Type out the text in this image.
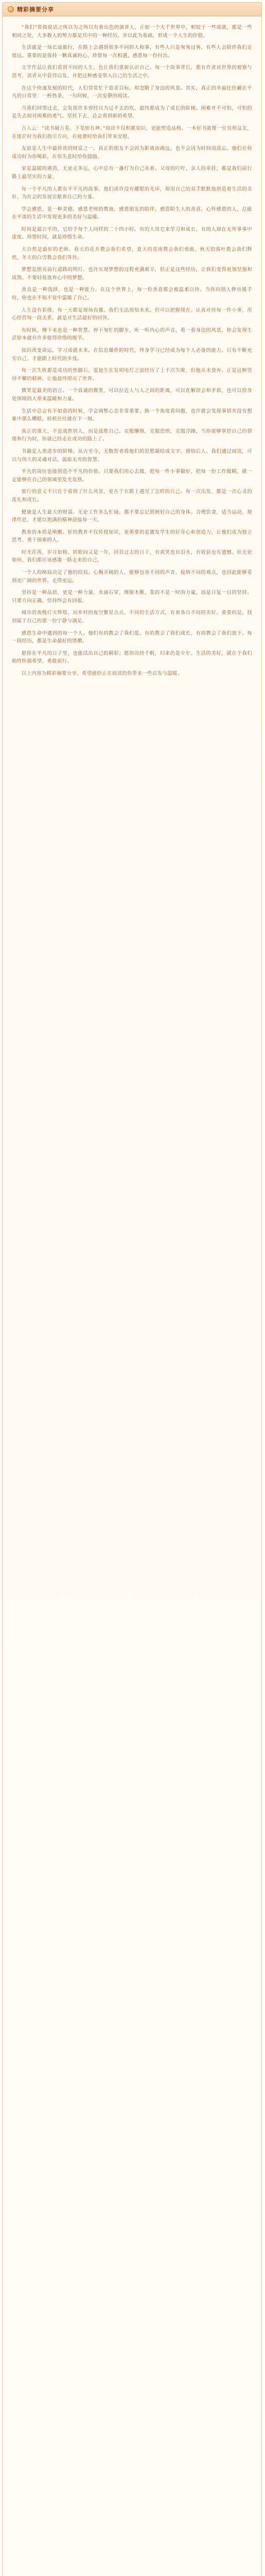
精彩摘要分享

“我们”常指说话之所以为之所以有着出色的演讲人，正如一个大千世界中，相较于一些成就，都是一些相同之处，大多数人的努力都是其中的一种经历，并以此为基础，形成一个人生的价值。

生活就是一场长途旅行，在路上会遇到很多不同的人和事，有些人只是匆匆过客，有些人会陪伴我们走很远。重要的是保持一颗真诚的心，珍惜每一次相遇，感恩每一份付出。

文学作品让我们看到不同的人生，也让我们重新认识自己。每一个故事背后，都有作者对世界的观察与思考，读者从中获得启发，并把这种感受带入自己的生活之中。

在这个快速发展的时代，人们常常忙于追求目标，却忽略了身边的风景。其实，真正的幸福往往藏在平凡的日常里：一杯热茶，一句问候，一次安静的阅读。

当我们回望过去，会发现许多曾经以为过不去的坎，最终都成为了成长的阶梯。困难并不可怕，可怕的是失去面对困难的勇气。坚持下去，总会看到新的希望。

古人云：“读书破万卷，下笔如有神。”阅读不仅积累知识，更能塑造品格。一本好书就像一位良师益友，在迷茫时为我们指引方向，在疲惫时给我们带来安慰。

友谊是人生中最珍贵的财富之一。真正的朋友不会因为距离而疏远，也不会因为时间而淡忘。他们在你成功时为你喝彩，在你失意时给你鼓励。

家是温暖的港湾，无论走多远，心中总有一盏灯为自己亮着。父母的叮咛，亲人的牵挂，都是我们前行路上最坚实的力量。

每一个平凡的人都有不平凡的故事。他们或许没有耀眼的光环，却用自己的双手默默地创造着生活的美好，为社会的发展贡献着自己的力量。

学会感恩，是一种美德。感恩老师的教诲，感恩朋友的陪伴，感恩陌生人的善意。心怀感恩的人，总能在平淡的生活中发现更多的美好与温暖。

时间是最公平的，它给予每个人同样的二十四小时。有的人用它来学习和成长，有的人却在无所事事中虚度。珍惜时间，就是珍惜生命。

大自然是最好的老师。春天的花开教会我们希望，夏天的雷雨教会我们勇敢，秋天的落叶教会我们释然，冬天的白雪教会我们等待。

梦想是照亮前行道路的明灯。也许实现梦想的过程充满艰辛，但正是这些经历，让我们变得更加坚强和成熟。不要轻易放弃心中的梦想。

善良是一种选择，也是一种能力。在这个世界上，每一份善意都会被温柔以待。当你向别人伸出援手时，你也在不知不觉中温暖了自己。

人生没有彩排，每一天都是现场直播。我们无法预知未来，但可以把握现在。认真对待每一件小事，用心经营每一段关系，就是对生活最好的回答。

有时候，慢下来也是一种智慧。停下匆忙的脚步，听一听内心的声音，看一看身边的风景，你会发现生活原本就有许多值得珍惜的细节。

知识改变命运，学习成就未来。在信息爆炸的时代，终身学习已经成为每个人必备的能力。只有不断充实自己，才能跟上时代的步伐。

每一次失败都是成功的垫脚石。爱迪生在发明电灯之前经历了上千次失败，但他从未放弃。正是这种坚持不懈的精神，让他最终照亮了世界。

微笑是最美的语言。一个真诚的微笑，可以拉近人与人之间的距离，可以化解误会和矛盾，也可以给身处困境的人带来温暖和力量。

生活中总会有不如意的时候，学会调整心态非常重要。换一个角度看问题，也许就会发现事情并没有想象中那么糟糕，转机往往就在下一刻。

真正的强大，不是战胜别人，而是战胜自己。克服懒惰，克服恐惧，克服浮躁，当你能够掌控自己的情绪和行为时，你就已经走在成功的路上了。

书籍是人类进步的阶梯。从古至今，无数智者将他们的思想凝结成文字，留给后人。我们通过阅读，可以与伟大的灵魂对话，汲取无穷的智慧。

平凡的岗位也能创造不平凡的价值。只要我们用心去做，把每一件小事做好，把每一份工作做精，就一定能够在自己的领域里发光发热。

旅行的意义不只在于看到了什么风景，更在于在路上遇见了怎样的自己。每一次出发，都是一次心灵的洗礼和成长。

健康是人生最大的财富。无论工作多么忙碌，都不要忘记照顾好自己的身体。合理饮食，适当运动，规律作息，才能以饱满的精神迎接每一天。

教育的本质是唤醒。好的教育不仅传授知识，更重要的是激发学生的好奇心和创造力，让他们成为独立思考、勇于探索的人。

时光荏苒，岁月如梭。转眼间又是一年，回首过去的日子，有欢笑也有泪水，有收获也有遗憾。但无论如何，我们都应该感谢一路走来的自己。

一个人的格局决定了他的结局。心胸开阔的人，能够包容不同的声音，接纳不同的观点，也因此能够看到更广阔的世界，走得更远。

坚持是一种品质，更是一种力量。水滴石穿，绳锯木断，靠的不是一时的力量，而是日复一日的坚持。只要方向正确，坚持终会有回报。

城市的夜晚灯火辉煌，而乡村的夜空繁星点点。不同的生活方式，有着各自不同的美好。重要的是，找到属于自己的那一份宁静与满足。

感恩生命中遇到的每一个人。他们有的教会了我们爱，有的教会了我们成长，有的教会了我们放下。每一段经历，都是生命最好的馈赠。

愿你在平凡的日子里，也能活出自己的精彩；愿你历经千帆，归来仍是少年。生活的美好，就在于我们始终怀揣希望，勇敢前行。

以上内容为精彩摘要分享，希望能给正在阅读的你带来一些启发与温暖。
